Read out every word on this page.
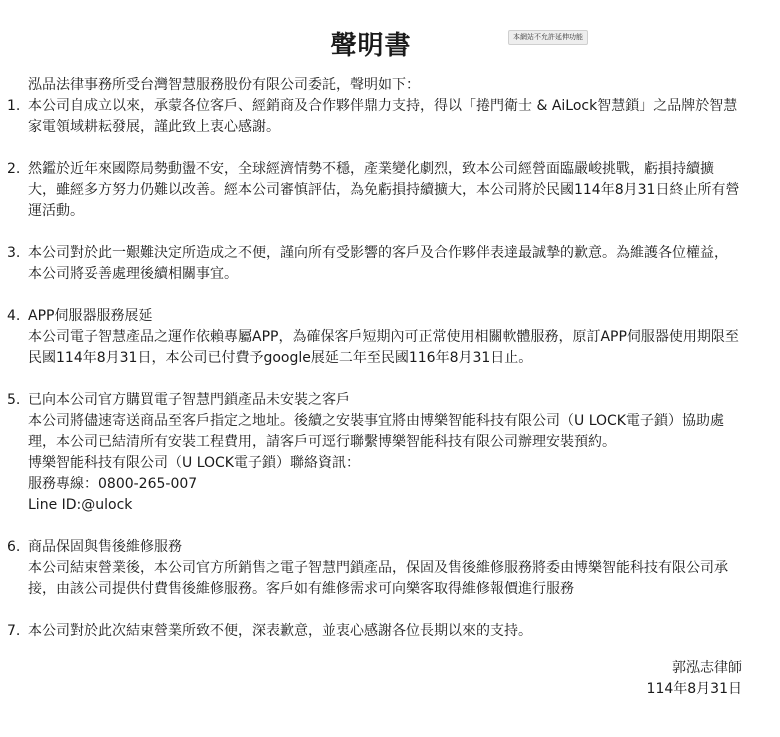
聲明書	本網站不允許延伸功能

泓品法律事務所受台灣智慧服務股份有限公司委託，聲明如下：

1. 本公司自成立以來，承蒙各位客戶、經銷商及合作夥伴鼎力支持，得以「捲門衛士 & AiLock智慧鎖」之品牌於智慧
家電領域耕耘發展，謹此致上衷心感謝。
2. 然鑑於近年來國際局勢動盪不安，全球經濟情勢不穩，產業變化劇烈，致本公司經營面臨嚴峻挑戰，虧損持續擴
大，雖經多方努力仍難以改善。經本公司審慎評估，為免虧損持續擴大，本公司將於民國114年8月31日終止所有營
運活動。
3. 本公司對於此一艱難決定所造成之不便，謹向所有受影響的客戶及合作夥伴表達最誠摯的歉意。為維護各位權益，
本公司將妥善處理後續相關事宜。
4. APP伺服器服務展延
本公司電子智慧產品之運作依賴專屬APP，為確保客戶短期內可正常使用相關軟體服務，原訂APP伺服器使用期限至
民國114年8月31日，本公司已付費予google展延二年至民國116年8月31日止。
5. 已向本公司官方購買電子智慧門鎖產品未安裝之客戶
本公司將儘速寄送商品至客戶指定之地址。後續之安裝事宜將由博樂智能科技有限公司（U LOCK電子鎖）協助處
理，本公司已結清所有安裝工程費用，請客戶可逕行聯繫博樂智能科技有限公司辦理安裝預約。
博樂智能科技有限公司（U LOCK電子鎖）聯絡資訊：
服務專線：0800-265-007
Line ID:@ulock
6. 商品保固與售後維修服務
本公司結束營業後，本公司官方所銷售之電子智慧門鎖產品，保固及售後維修服務將委由博樂智能科技有限公司承
接，由該公司提供付費售後維修服務。客戶如有維修需求可向樂客取得維修報價進行服務
7. 本公司對於此次結束營業所致不便，深表歉意，並衷心感謝各位長期以來的支持。
郭泓志律師
114年8月31日
